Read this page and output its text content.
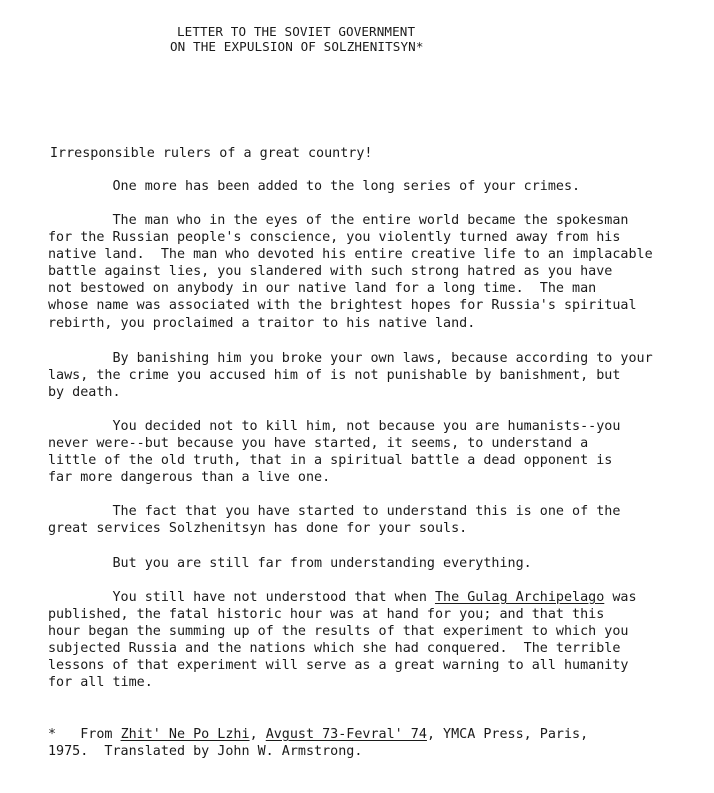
LETTER TO THE SOVIET GOVERNMENT
ON THE EXPULSION OF SOLZHENITSYN*

Irresponsible rulers of a great country!

One more has been added to the long series of your crimes.

The man who in the eyes of the entire world became the spokesman
for the Russian people's conscience, you violently turned away from his
native land.  The man who devoted his entire creative life to an implacable
battle against lies, you slandered with such strong hatred as you have
not bestowed on anybody in our native land for a long time.  The man
whose name was associated with the brightest hopes for Russia's spiritual
rebirth, you proclaimed a traitor to his native land.

By banishing him you broke your own laws, because according to your
laws, the crime you accused him of is not punishable by banishment, but
by death.

You decided not to kill him, not because you are humanists--you
never were--but because you have started, it seems, to understand a
little of the old truth, that in a spiritual battle a dead opponent is
far more dangerous than a live one.

The fact that you have started to understand this is one of the
great services Solzhenitsyn has done for your souls.

But you are still far from understanding everything.

You still have not understood that when The Gulag Archipelago was
published, the fatal historic hour was at hand for you; and that this
hour began the summing up of the results of that experiment to which you
subjected Russia and the nations which she had conquered.  The terrible
lessons of that experiment will serve as a great warning to all humanity
for all time.

* From Zhit' Ne Po Lzhi, Avgust 73-Fevral' 74, YMCA Press, Paris,
1975.  Translated by John W. Armstrong.
